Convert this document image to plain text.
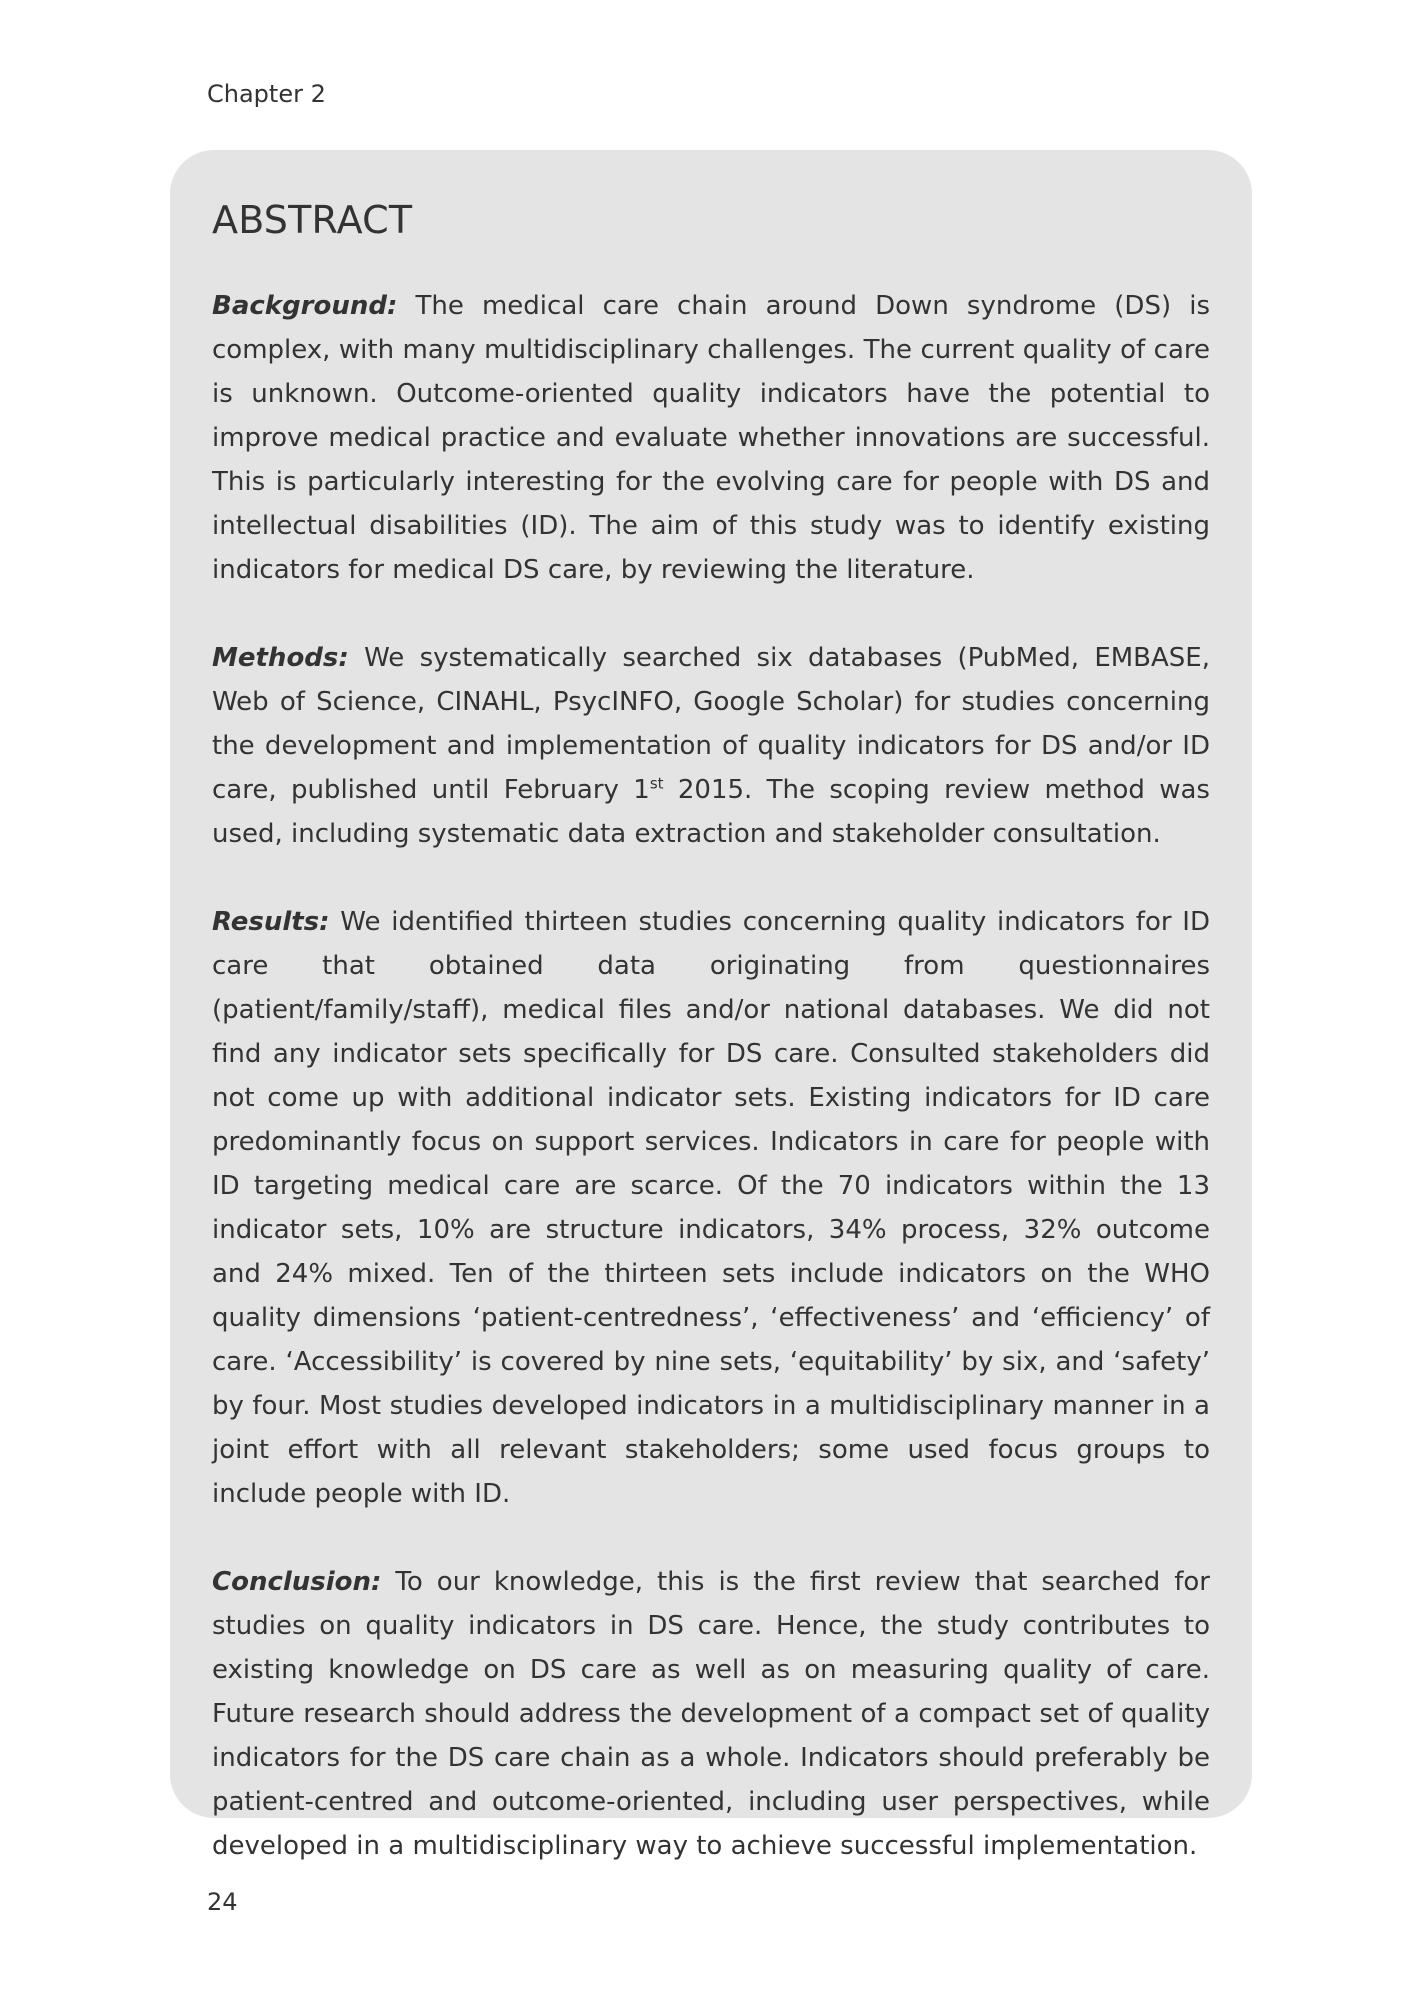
Chapter 2

ABSTRACT

Background: The medical care chain around Down syndrome (DS) is complex, with many multidisciplinary challenges. The current quality of care is unknown. Outcome-oriented quality indicators have the potential to improve medical practice and evaluate whether innovations are successful. This is particularly interesting for the evolving care for people with DS and intellectual disabilities (ID). The aim of this study was to identify existing indicators for medical DS care, by reviewing the literature.

Methods: We systematically searched six databases (PubMed, EMBASE, Web of Science, CINAHL, PsycINFO, Google Scholar) for studies concerning the development and implementation of quality indicators for DS and/or ID care, published until February 1st 2015. The scoping review method was used, including systematic data extraction and stakeholder consultation.

Results: We identified thirteen studies concerning quality indicators for ID care that obtained data originating from questionnaires (patient/family/staff), medical files and/or national databases. We did not find any indicator sets specifically for DS care. Consulted stakeholders did not come up with additional indicator sets. Existing indicators for ID care predominantly focus on support services. Indicators in care for people with ID targeting medical care are scarce. Of the 70 indicators within the 13 indicator sets, 10% are structure indicators, 34% process, 32% outcome and 24% mixed. Ten of the thirteen sets include indicators on the WHO quality dimensions ‘patient-centredness’, ‘effectiveness’ and ‘efficiency’ of care. ‘Accessibility’ is covered by nine sets, ‘equitability’ by six, and ‘safety’ by four. Most studies developed indicators in a multidisciplinary manner in a joint effort with all relevant stakeholders; some used focus groups to include people with ID.

Conclusion: To our knowledge, this is the first review that searched for studies on quality indicators in DS care. Hence, the study contributes to existing knowledge on DS care as well as on measuring quality of care. Future research should address the development of a compact set of quality indicators for the DS care chain as a whole. Indicators should preferably be patient-centred and outcome-oriented, including user perspectives, while developed in a multidisciplinary way to achieve successful implementation.

24
